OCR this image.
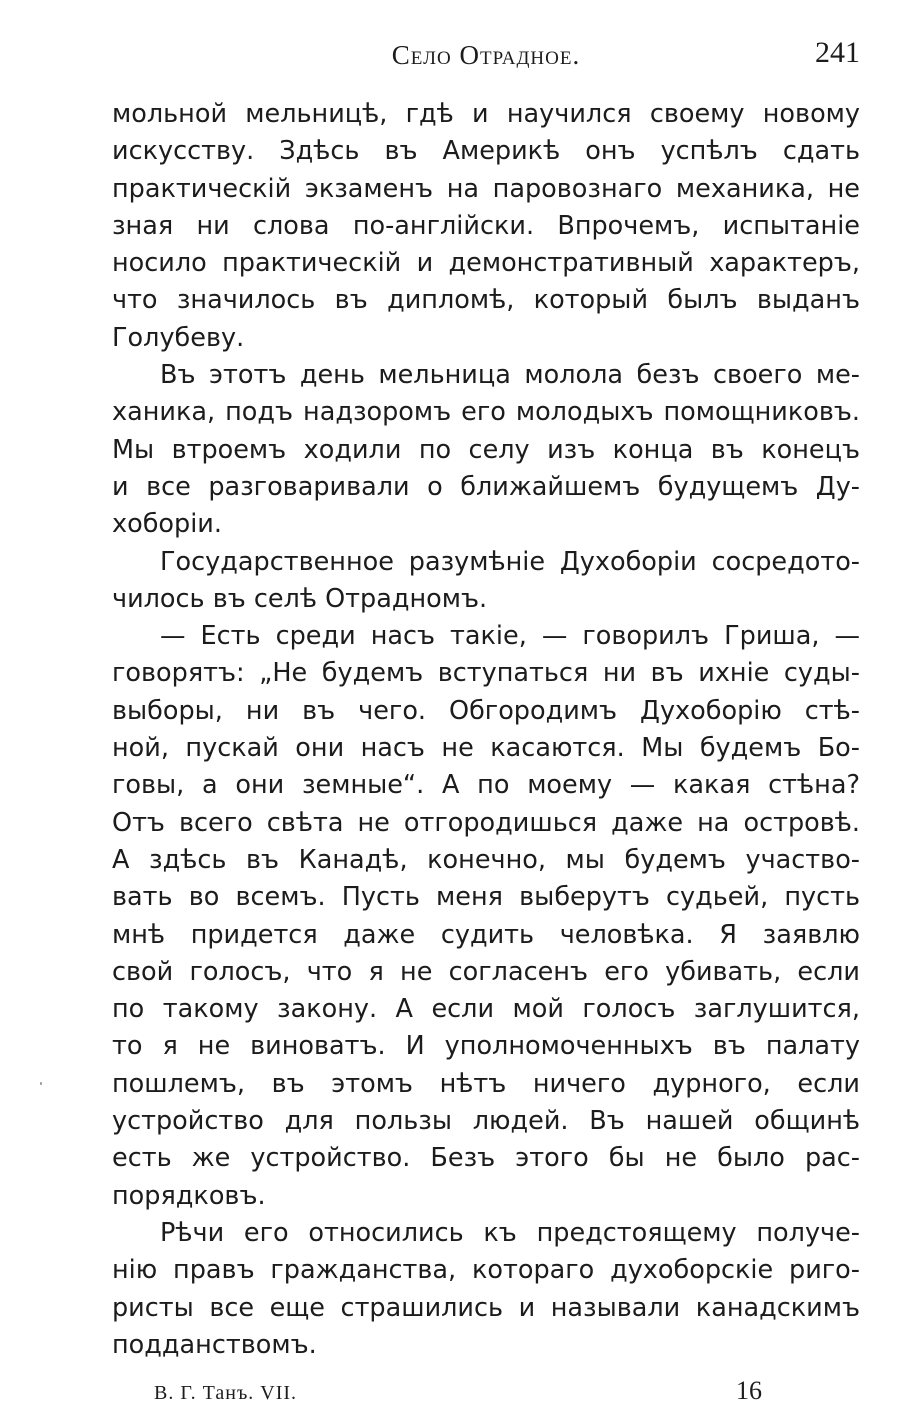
Село Отрадное.	241
мольной мельницѣ, гдѣ и научился своему новому
искусству. Здѣсь въ Америкѣ онъ успѣлъ сдать
практическій экзаменъ на паровознаго механика, не
зная ни слова по-англійски. Впрочемъ, испытаніе
носило практическій и демонстративный характеръ,
что значилось въ дипломѣ, который былъ выданъ
Голубеву.
Въ этотъ день мельница молола безъ своего ме-
ханика, подъ надзоромъ его молодыхъ помощниковъ.
Мы втроемъ ходили по селу изъ конца въ конецъ
и все разговаривали о ближайшемъ будущемъ Ду-
хоборіи.
Государственное разумѣніе Духоборіи сосредото-
чилось въ селѣ Отрадномъ.
— Есть среди насъ такіе, — говорилъ Гриша, —
говорятъ: „Не будемъ вступаться ни въ ихніе суды-
выборы, ни въ чего. Обгородимъ Духоборію стѣ-
ной, пускай они насъ не касаются. Мы будемъ Бо-
говы, а они земные“. А по моему — какая стѣна?
Отъ всего свѣта не отгородишься даже на островѣ.
А здѣсь въ Канадѣ, конечно, мы будемъ участво-
вать во всемъ. Пусть меня выберутъ судьей, пусть
мнѣ придется даже судить человѣка. Я заявлю
свой голосъ, что я не согласенъ его убивать, если
по такому закону. А если мой голосъ заглушится,
то я не виноватъ. И уполномоченныхъ въ палату
пошлемъ, въ этомъ нѣтъ ничего дурного, если
устройство для пользы людей. Въ нашей общинѣ
есть же устройство. Безъ этого бы не было рас-
порядковъ.
Рѣчи его относились къ предстоящему получе-
нію правъ гражданства, котораго духоборскіе риго-
ристы все еще страшились и называли канадскимъ
подданствомъ.
В. Г. Танъ. VII.	16
